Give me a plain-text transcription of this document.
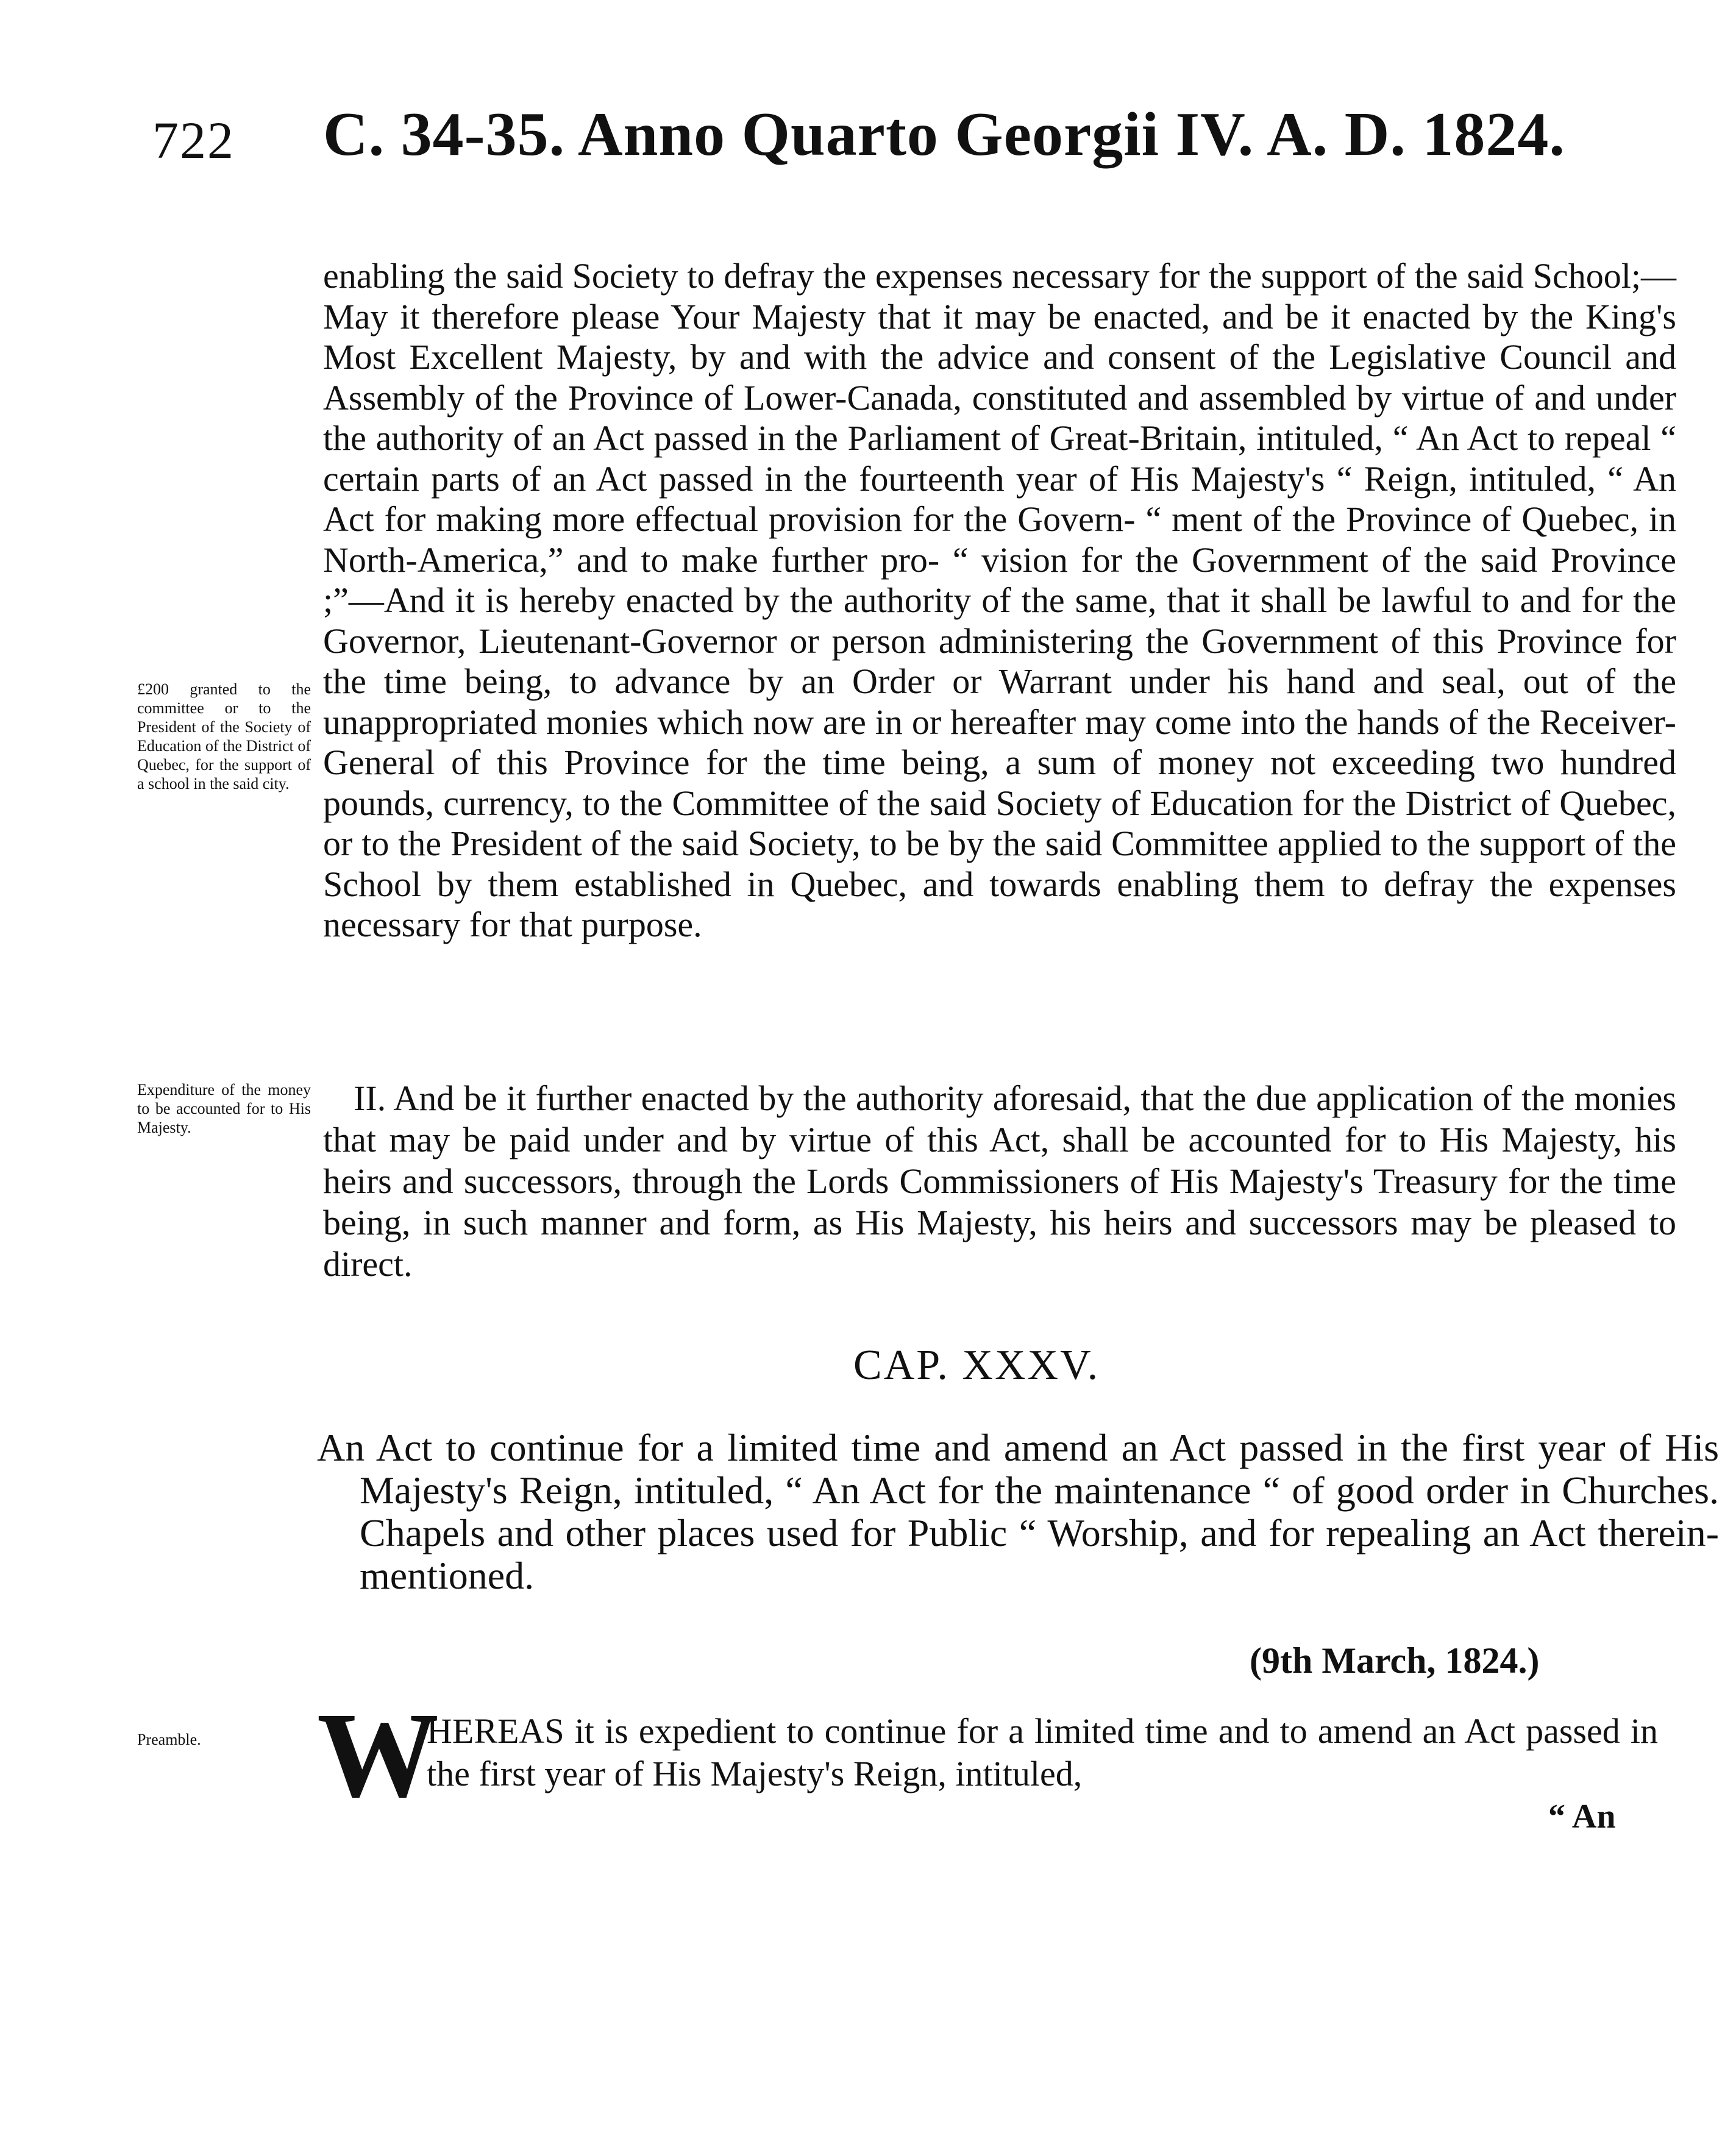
722 C. 34-35. Anno Quarto Georgii IV. A. D. 1824.
enabling the said Society to defray the expenses necessary for the support of the said School;—May it therefore please Your Majesty that it may be enacted, and be it enacted by the King's Most Excellent Majesty, by and with the advice and consent of the Legislative Council and Assembly of the Province of Lower-Canada, constituted and assembled by virtue of and under the authority of an Act passed in the Parliament of Great-Britain, intituled, “ An Act to repeal “ certain parts of an Act passed in the fourteenth year of His Majesty's “ Reign, intituled, “ An Act for making more effectual provision for the Govern- “ ment of the Province of Quebec, in North-America,” and to make further pro- “ vision for the Government of the said Province ;”—And it is hereby enacted by the authority of the same, that it shall be lawful to and for the Governor, Lieutenant-Governor or person administering the Government of this Province for the time being, to advance by an Order or Warrant under his hand and seal, out of the unappropriated monies which now are in or hereafter may come into the hands of the Receiver-General of this Province for the time being, a sum of money not exceeding two hundred pounds, currency, to the Committee of the said Society of Education for the District of Quebec, or to the President of the said Society, to be by the said Committee applied to the support of the School by them established in Quebec, and towards enabling them to defray the expenses necessary for that purpose.
£200 granted to the committee or to the President of the Society of Education of the District of Quebec, for the support of a school in the said city.
Expenditure of the money to be accounted for to His Majesty.
II. And be it further enacted by the authority aforesaid, that the due application of the monies that may be paid under and by virtue of this Act, shall be accounted for to His Majesty, his heirs and successors, through the Lords Commissioners of His Majesty's Treasury for the time being, in such manner and form, as His Majesty, his heirs and successors may be pleased to direct.
CAP. XXXV.
An Act to continue for a limited time and amend an Act passed in the first year of His Majesty's Reign, intituled, “ An Act for the maintenance “ of good order in Churches. Chapels and other places used for Public “ Worship, and for repealing an Act therein-mentioned.
(9th March, 1824.)
Preamble. W
HEREAS it is expedient to continue for a limited time and to amend an Act passed in the first year of His Majesty's Reign, intituled,
“ An
